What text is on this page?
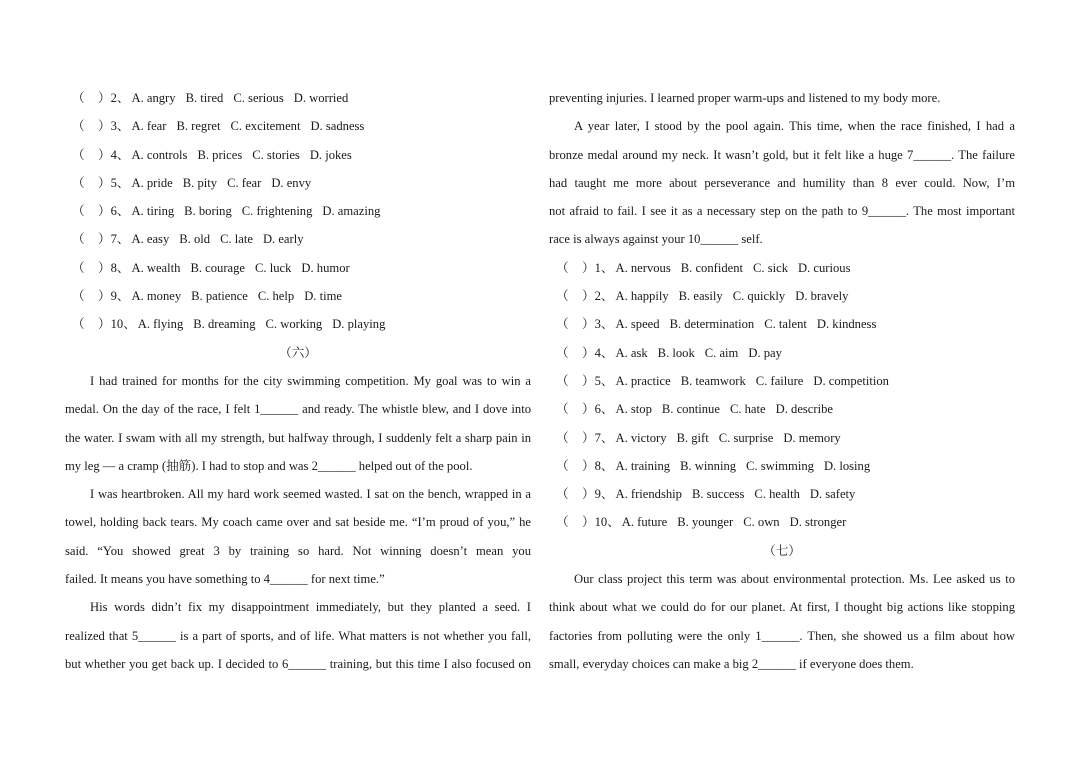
（ ）2、 A. angry B. tired C. serious D. worried
（ ）3、 A. fear B. regret C. excitement D. sadness
（ ）4、 A. controls B. prices C. stories D. jokes
（ ）5、 A. pride B. pity C. fear D. envy
（ ）6、 A. tiring B. boring C. frightening D. amazing
（ ）7、 A. easy B. old C. late D. early
（ ）8、 A. wealth B. courage C. luck D. humor
（ ）9、 A. money B. patience C. help D. time
（ ）10、 A. flying B. dreaming C. working D. playing
（六）
I had trained for months for the city swimming competition. My goal was to win a
medal. On the day of the race, I felt 1______ and ready. The whistle blew, and I dove into
the water. I swam with all my strength, but halfway through, I suddenly felt a sharp pain in
my leg — a cramp (抽筋). I had to stop and was 2______ helped out of the pool.
I was heartbroken. All my hard work seemed wasted. I sat on the bench, wrapped in a
towel, holding back tears. My coach came over and sat beside me. “I’m proud of you,” he
said. “You showed great 3 by training so hard. Not winning doesn’t mean you
failed. It means you have something to 4______ for next time.”
His words didn’t fix my disappointment immediately, but they planted a seed. I
realized that 5______ is a part of sports, and of life. What matters is not whether you fall,
but whether you get back up. I decided to 6______ training, but this time I also focused on
preventing injuries. I learned proper warm-ups and listened to my body more.
A year later, I stood by the pool again. This time, when the race finished, I had a
bronze medal around my neck. It wasn’t gold, but it felt like a huge 7______. The failure
had taught me more about perseverance and humility than 8 ever could. Now, I’m
not afraid to fail. I see it as a necessary step on the path to 9______. The most important
race is always against your 10______ self.
（ ）1、 A. nervous B. confident C. sick D. curious
（ ）2、 A. happily B. easily C. quickly D. bravely
（ ）3、 A. speed B. determination C. talent D. kindness
（ ）4、 A. ask B. look C. aim D. pay
（ ）5、 A. practice B. teamwork C. failure D. competition
（ ）6、 A. stop B. continue C. hate D. describe
（ ）7、 A. victory B. gift C. surprise D. memory
（ ）8、 A. training B. winning C. swimming D. losing
（ ）9、 A. friendship B. success C. health D. safety
（ ）10、 A. future B. younger C. own D. stronger
（七）
Our class project this term was about environmental protection. Ms. Lee asked us to
think about what we could do for our planet. At first, I thought big actions like stopping
factories from polluting were the only 1______. Then, she showed us a film about how
small, everyday choices can make a big 2______ if everyone does them.
